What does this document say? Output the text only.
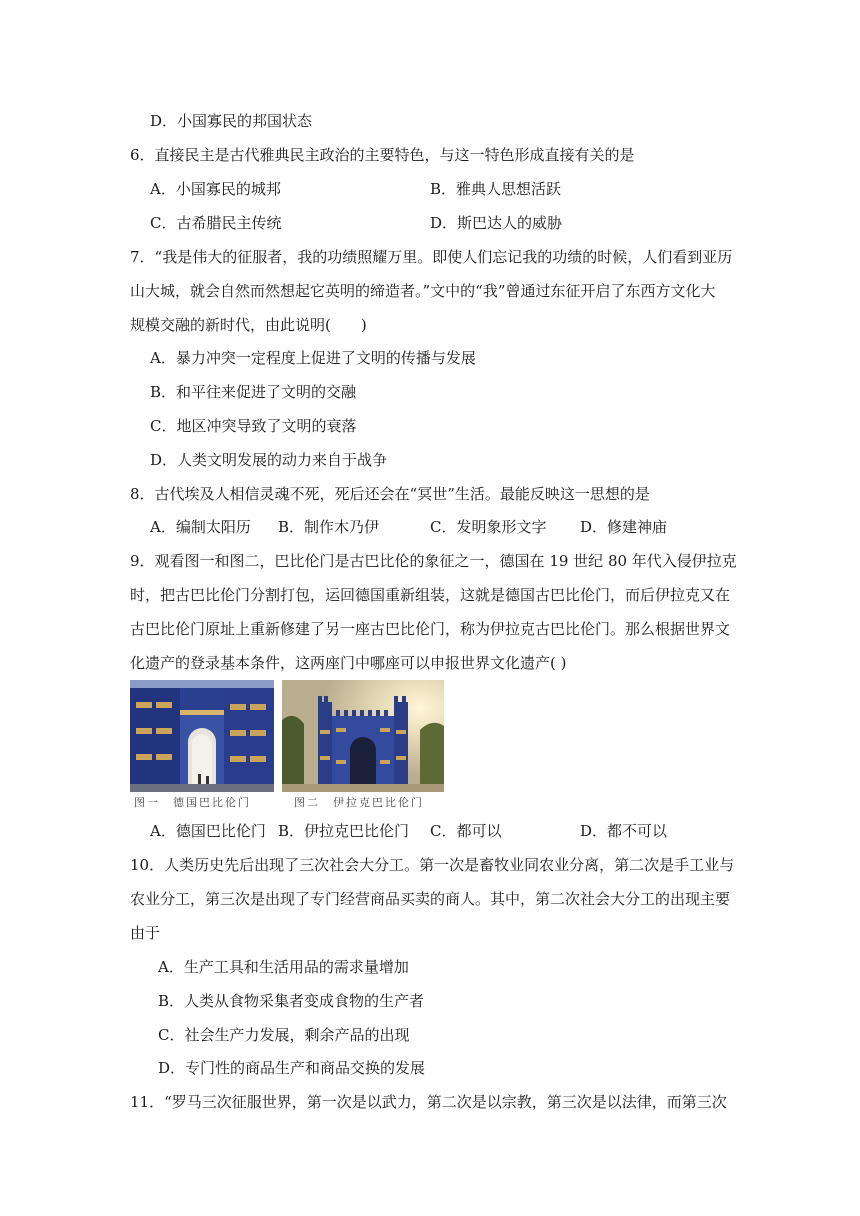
D．小国寡民的邦国状态
6．直接民主是古代雅典民主政治的主要特色，与这一特色形成直接有关的是
A．小国寡民的城邦	B．雅典人思想活跃
C．古希腊民主传统	D．斯巴达人的威胁
7．“我是伟大的征服者，我的功绩照耀万里。即使人们忘记我的功绩的时候，人们看到亚历
山大城，就会自然而然想起它英明的缔造者。”文中的“我”曾通过东征开启了东西方文化大
规模交融的新时代，由此说明(　　)
A．暴力冲突一定程度上促进了文明的传播与发展
B．和平往来促进了文明的交融
C．地区冲突导致了文明的衰落
D．人类文明发展的动力来自于战争
8．古代埃及人相信灵魂不死，死后还会在“冥世”生活。最能反映这一思想的是
A．编制太阳历 B．制作木乃伊	C．发明象形文字 D．修建神庙
9．观看图一和图二，巴比伦门是古巴比伦的象征之一，德国在 19 世纪 80 年代入侵伊拉克
时，把古巴比伦门分割打包，运回德国重新组装，这就是德国古巴比伦门，而后伊拉克又在
古巴比伦门原址上重新修建了另一座古巴比伦门，称为伊拉克古巴比伦门。那么根据世界文
化遗产的登录基本条件，这两座门中哪座可以申报世界文化遗产( )
图一　德国巴比伦门	图二　伊拉克巴比伦门
A．德国巴比伦门 B．伊拉克巴比伦门 C．都可以	D．都不可以
10．人类历史先后出现了三次社会大分工。第一次是畜牧业同农业分离，第二次是手工业与
农业分工，第三次是出现了专门经营商品买卖的商人。其中，第二次社会大分工的出现主要
由于
A．生产工具和生活用品的需求量增加
B．人类从食物采集者变成食物的生产者
C．社会生产力发展，剩余产品的出现
D．专门性的商品生产和商品交换的发展
11．“罗马三次征服世界，第一次是以武力，第二次是以宗教，第三次是以法律，而第三次
